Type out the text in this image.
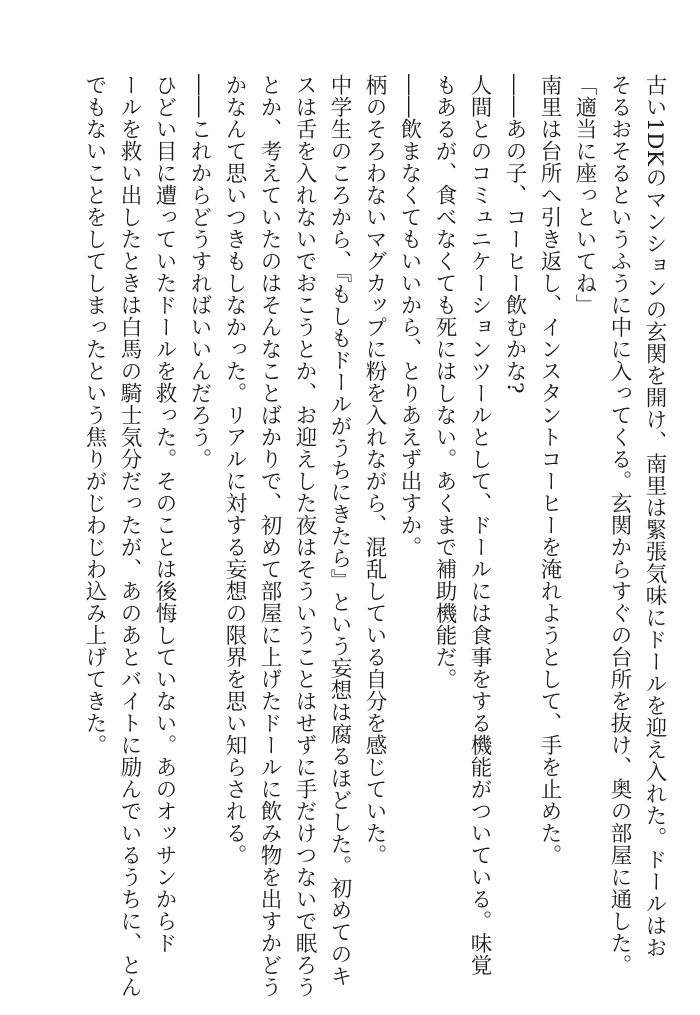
古い1DKのマンションの玄関を開け、南里は緊張気味にドールを迎え入れた。ドールはお
そるおそるというふうに中に入ってくる。玄関からすぐの台所を抜け、奥の部屋に通した。
「適当に座っといてね」
南里は台所へ引き返し、インスタントコーヒーを淹れようとして、手を止めた。
――あの子、コーヒー飲むかな?
人間とのコミュニケーションツールとして、ドールには食事をする機能がついている。味覚
もあるが、食べなくても死にはしない。あくまで補助機能だ。
――飲まなくてもいいから、とりあえず出すか。
柄のそろわないマグカップに粉を入れながら、混乱している自分を感じていた。
中学生のころから、『もしもドールがうちにきたら』という妄想は腐るほどした。初めてのキ
スは舌を入れないでおこうとか、お迎えした夜はそういうことはせずに手だけつないで眠ろう
とか、考えていたのはそんなことばかりで、初めて部屋に上げたドールに飲み物を出すかどう
かなんて思いつきもしなかった。リアルに対する妄想の限界を思い知らされる。
――これからどうすればいいんだろう。
ひどい目に遭っていたドールを救った。そのことは後悔していない。あのオッサンからド
ールを救い出したときは白馬の騎士気分だったが、あのあとバイトに励んでいるうちに、とん
でもないことをしてしまったという焦りがじわじわ込み上げてきた。
